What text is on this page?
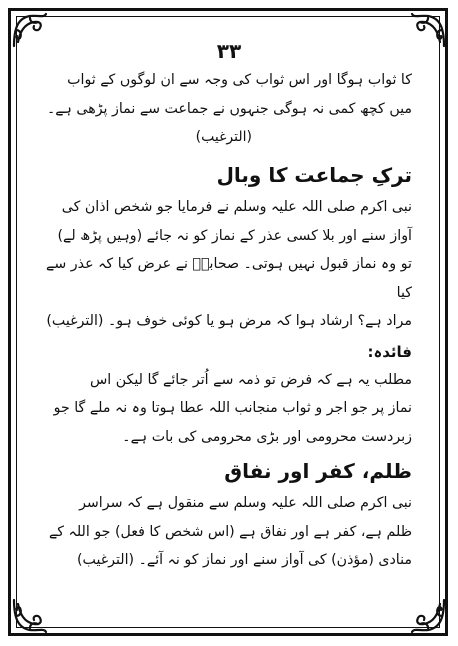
۳۳

کا ثواب ہوگا اور اس ثواب کی وجہ سے ان لوگوں کے ثواب

میں کچھ کمی نہ ہوگی جنہوں نے جماعت سے نماز پڑھی ہے۔

(الترغیب)

ترکِ جماعت کا وبال

نبی اکرم صلی اللہ علیہ وسلم نے فرمایا جو شخص اذان کی

آواز سنے اور بلا کسی عذر کے نماز کو نہ جائے (وہیں پڑھ لے)

تو وہ نماز قبول نہیں ہوتی۔ صحابہؓ نے عرض کیا کہ عذر سے کیا

مراد ہے؟ ارشاد ہوا کہ مرض ہو یا کوئی خوف ہو۔ (الترغیب)

فائدہ:

مطلب یہ ہے کہ فرض تو ذمہ سے اُتر جائے گا لیکن اس

نماز پر جو اجر و ثواب منجانب اللہ عطا ہوتا وہ نہ ملے گا جو

زبردست محرومی اور بڑی محرومی کی بات ہے۔

ظلم، کفر اور نفاق

نبی اکرم صلی اللہ علیہ وسلم سے منقول ہے کہ سراسر

ظلم ہے، کفر ہے اور نفاق ہے (اس شخص کا فعل) جو اللہ کے

منادی (مؤذن) کی آواز سنے اور نماز کو نہ آئے۔ (الترغیب)
